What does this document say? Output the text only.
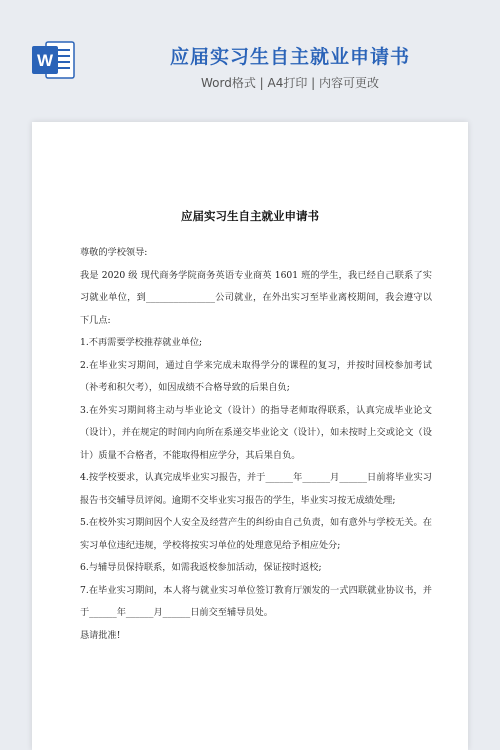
W	应届实习生自主就业申请书
Word格式 | A4打印 | 内容可更改
应届实习生自主就业申请书

尊敬的学校领导:

我是 2020 级 现代商务学院商务英语专业商英 1601 班的学生，我已经自己联系了实习就业单位，到_______________公司就业，在外出实习至毕业离校期间，我会遵守以下几点:

1.不再需要学校推荐就业单位;

2.在毕业实习期间，通过自学来完成未取得学分的课程的复习，并按时回校参加考试（补考和积欠考），如因成绩不合格导致的后果自负;

3.在外实习期间将主动与毕业论文（设计）的指导老师取得联系，认真完成毕业论文（设计），并在规定的时间内向所在系递交毕业论文（设计），如未按时上交或论文（设计）质量不合格者，不能取得相应学分，其后果自负。

4.按学校要求，认真完成毕业实习报告，并于______年______月______日前将毕业实习报告书交辅导员评阅。逾期不交毕业实习报告的学生，毕业实习按无成绩处理;

5.在校外实习期间因个人安全及经营产生的纠纷由自己负责，如有意外与学校无关。在实习单位违纪违规，学校将按实习单位的处理意见给予相应处分;

6.与辅导员保持联系，如需我返校参加活动，保证按时返校;

7.在毕业实习期间，本人将与就业实习单位签订教育厅颁发的一式四联就业协议书，并于______年______月______日前交至辅导员处。

恳请批准!
